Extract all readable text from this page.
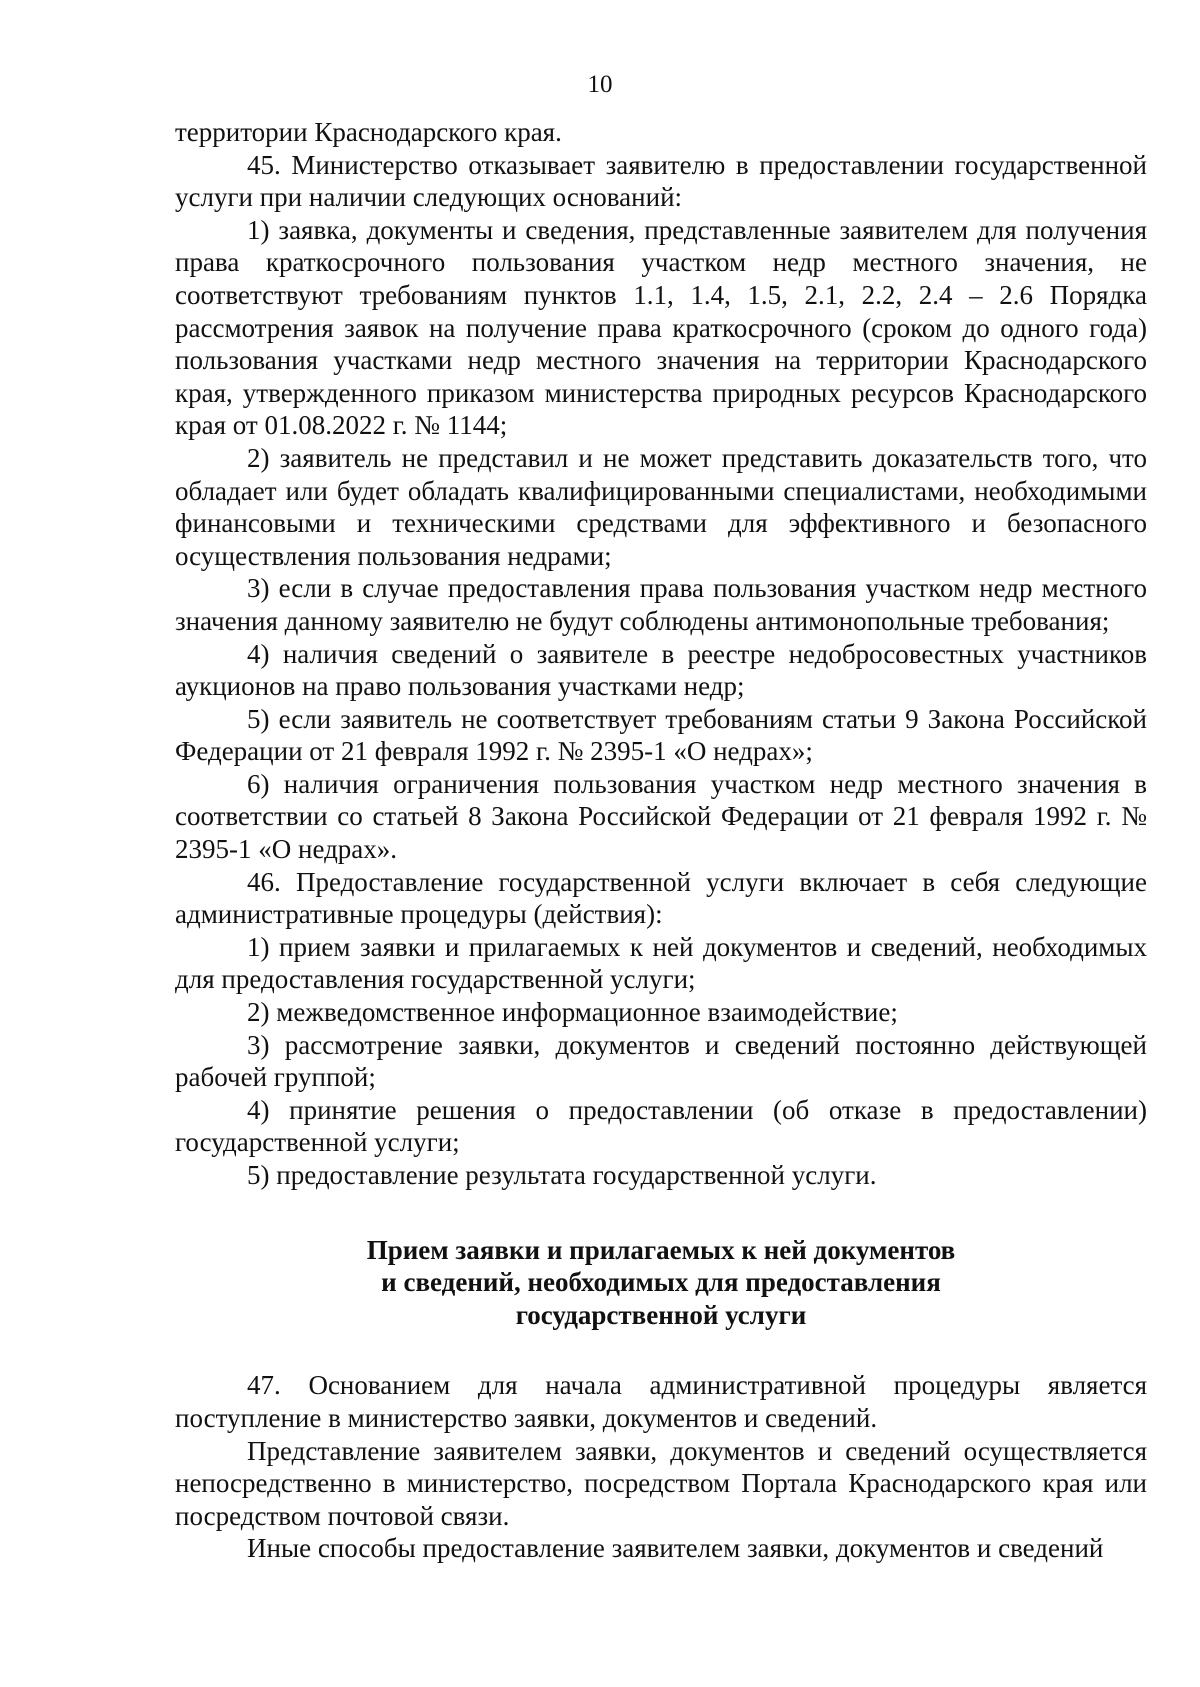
10

территории Краснодарского края.

45. Министерство отказывает заявителю в предоставлении государственной услуги при наличии следующих оснований:

1) заявка, документы и сведения, представленные заявителем для получения права краткосрочного пользования участком недр местного значения, не соответствуют требованиям пунктов 1.1, 1.4, 1.5, 2.1, 2.2, 2.4 – 2.6 Порядка рассмотрения заявок на получение права краткосрочного (сроком до одного года) пользования участками недр местного значения на территории Краснодарского края, утвержденного приказом министерства природных ресурсов Краснодарского края от 01.08.2022 г. № 1144;

2) заявитель не представил и не может представить доказательств того, что обладает или будет обладать квалифицированными специалистами, необходимыми финансовыми и техническими средствами для эффективного и безопасного осуществления пользования недрами;

3) если в случае предоставления права пользования участком недр местного значения данному заявителю не будут соблюдены антимонопольные требования;

4) наличия сведений о заявителе в реестре недобросовестных участников аукционов на право пользования участками недр;

5) если заявитель не соответствует требованиям статьи 9 Закона Российской Федерации от 21 февраля 1992 г. № 2395-1 «О недрах»;

6) наличия ограничения пользования участком недр местного значения в соответствии со статьей 8 Закона Российской Федерации от 21 февраля 1992 г. № 2395-1 «О недрах».

46. Предоставление государственной услуги включает в себя следующие административные процедуры (действия):

1) прием заявки и прилагаемых к ней документов и сведений, необходимых для предоставления государственной услуги;

2) межведомственное информационное взаимодействие;

3) рассмотрение заявки, документов и сведений постоянно действующей рабочей группой;

4) принятие решения о предоставлении (об отказе в предоставлении) государственной услуги;

5) предоставление результата государственной услуги.

Прием заявки и прилагаемых к ней документов
и сведений, необходимых для предоставления
государственной услуги

47. Основанием для начала административной процедуры является поступление в министерство заявки, документов и сведений.

Представление заявителем заявки, документов и сведений осуществляется непосредственно в министерство, посредством Портала Краснодарского края или посредством почтовой связи.

Иные способы предоставление заявителем заявки, документов и сведений
